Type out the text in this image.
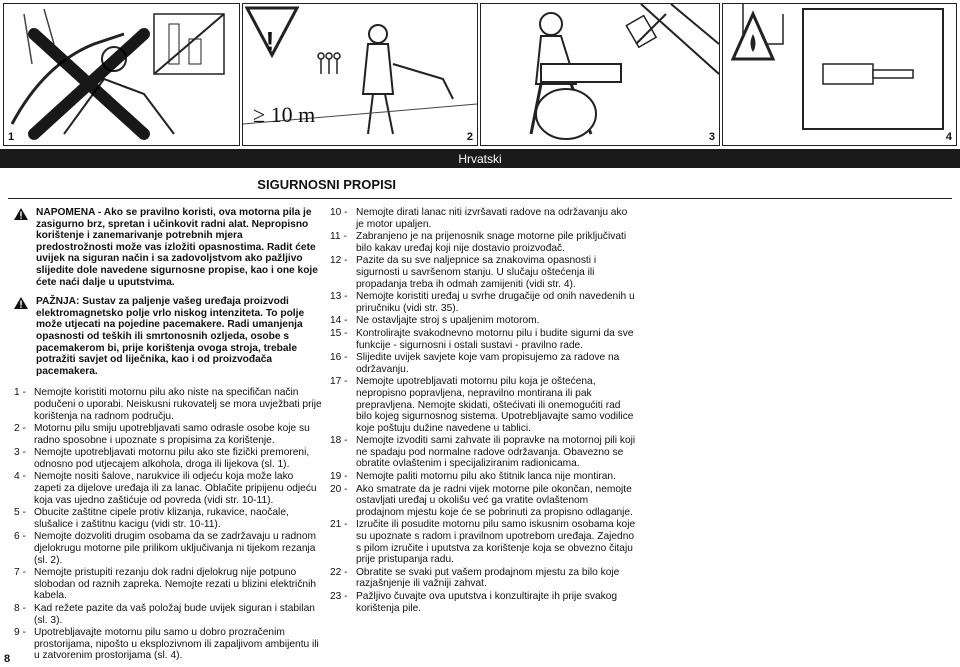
1
!
≥ 10 m
2	3	4
Hrvatski
SIGURNOSNI PROPISI
NAPOMENA - Ako se pravilno koristi, ova motorna pila je zasigurno brz, spretan i učinkovit radni alat. Nepropisno korištenje i zanemarivanje potrebnih mjera predostrožnosti može vas izložiti opasnostima. Radit ćete uvijek na siguran način i sa zadovoljstvom ako pažljivo slijedite dole navedene sigurnosne propise, kao i one koje ćete naći dalje u uputstvima.
PAŽNJA: Sustav za paljenje vašeg uređaja proizvodi elektromagnetsko polje vrlo niskog intenziteta. To polje može utjecati na pojedine pacemakere. Radi umanjenja opasnosti od teških ili smrtonosnih ozljeda, osobe s pacemakerom bi, prije korištenja ovoga stroja, trebale potražiti savjet od liječnika, kao i od proizvođača pacemakera.
1 - Nemojte koristiti motornu pilu ako niste na specifičan način podučeni o uporabi. Neiskusni rukovatelj se mora uvježbati prije korištenja na radnom području.
2 - Motornu pilu smiju upotrebljavati samo odrasle osobe koje su radno sposobne i upoznate s propisima za korištenje.
3 - Nemojte upotrebljavati motornu pilu ako ste fizički premoreni, odnosno pod utjecajem alkohola, droga ili lijekova (sl. 1).
4 - Nemojte nositi šalove, narukvice ili odjeću koja može lako zapeti za dijelove uređaja ili za lanac. Oblačite pripijenu odjeću koja vas ujedno zaštićuje od povreda (vidi str. 10-11).
5 - Obucite zaštitne cipele protiv klizanja, rukavice, naočale, slušalice i zaštitnu kacigu (vidi str. 10-11).
6 - Nemojte dozvoliti drugim osobama da se zadržavaju u radnom djelokrugu motorne pile prilikom uključivanja ni tijekom rezanja (sl. 2).
7 - Nemojte pristupiti rezanju dok radni djelokrug nije potpuno slobodan od raznih zapreka. Nemojte rezati u blizini električnih kabela.
8 - Kad režete pazite da vaš položaj bude uvijek siguran i stabilan (sl. 3).
9 - Upotrebljavajte motornu pilu samo u dobro prozračenim prostorijama, nipošto u eksplozivnom ili zapaljivom ambijentu ili u zatvorenim prostorijama (sl. 4).
10 - Nemojte dirati lanac niti izvršavati radove na održavanju ako je motor upaljen.
11 - Zabranjeno je na prijenosnik snage motorne pile priključivati bilo kakav uređaj koji nije dostavio proizvođač.
12 - Pazite da su sve naljepnice sa znakovima opasnosti i sigurnosti u savršenom stanju. U slučaju oštećenja ili propadanja treba ih odmah zamijeniti (vidi str. 4).
13 - Nemojte koristiti uređaj u svrhe drugačije od onih navedenih u priručniku (vidi str. 35).
14 - Ne ostavljajte stroj s upaljenim motorom.
15 - Kontrolirajte svakodnevno motornu pilu i budite sigurni da sve funkcije - sigurnosni i ostali sustavi - pravilno rade.
16 - Slijedite uvijek savjete koje vam propisujemo za radove na održavanju.
17 - Nemojte upotrebljavati motornu pilu koja je oštećena, nepropisno popravljena, nepravilno montirana ili pak prepravljena. Nemojte skidati, oštećivati ili onemogućiti rad bilo kojeg sigurnosnog sistema. Upotrebljavajte samo vodilice koje poštuju dužine navedene u tablici.
18 - Nemojte izvoditi sami zahvate ili popravke na motornoj pili koji ne spadaju pod normalne radove održavanja. Obavezno se obratite ovlaštenim i specijaliziranim radionicama.
19 - Nemojte paliti motornu pilu ako štitnik lanca nije montiran.
20 - Ako smatrate da je radni vijek motorne pile okončan, nemojte ostavljati uređaj u okolišu već ga vratite ovlaštenom prodajnom mjestu koje će se pobrinuti za propisno odlaganje.
21 - Izručite ili posudite motornu pilu samo iskusnim osobama koje su upoznate s radom i pravilnom upotrebom uređaja. Zajedno s pilom izručite i uputstva za korištenje koja se obvezno čitaju prije pristupanja radu.
22 - Obratite se svaki put vašem prodajnom mjestu za bilo koje razjašnjenje ili važniji zahvat.
23 - Pažljivo čuvajte ova uputstva i konzultirajte ih prije svakog korištenja pile.
8
